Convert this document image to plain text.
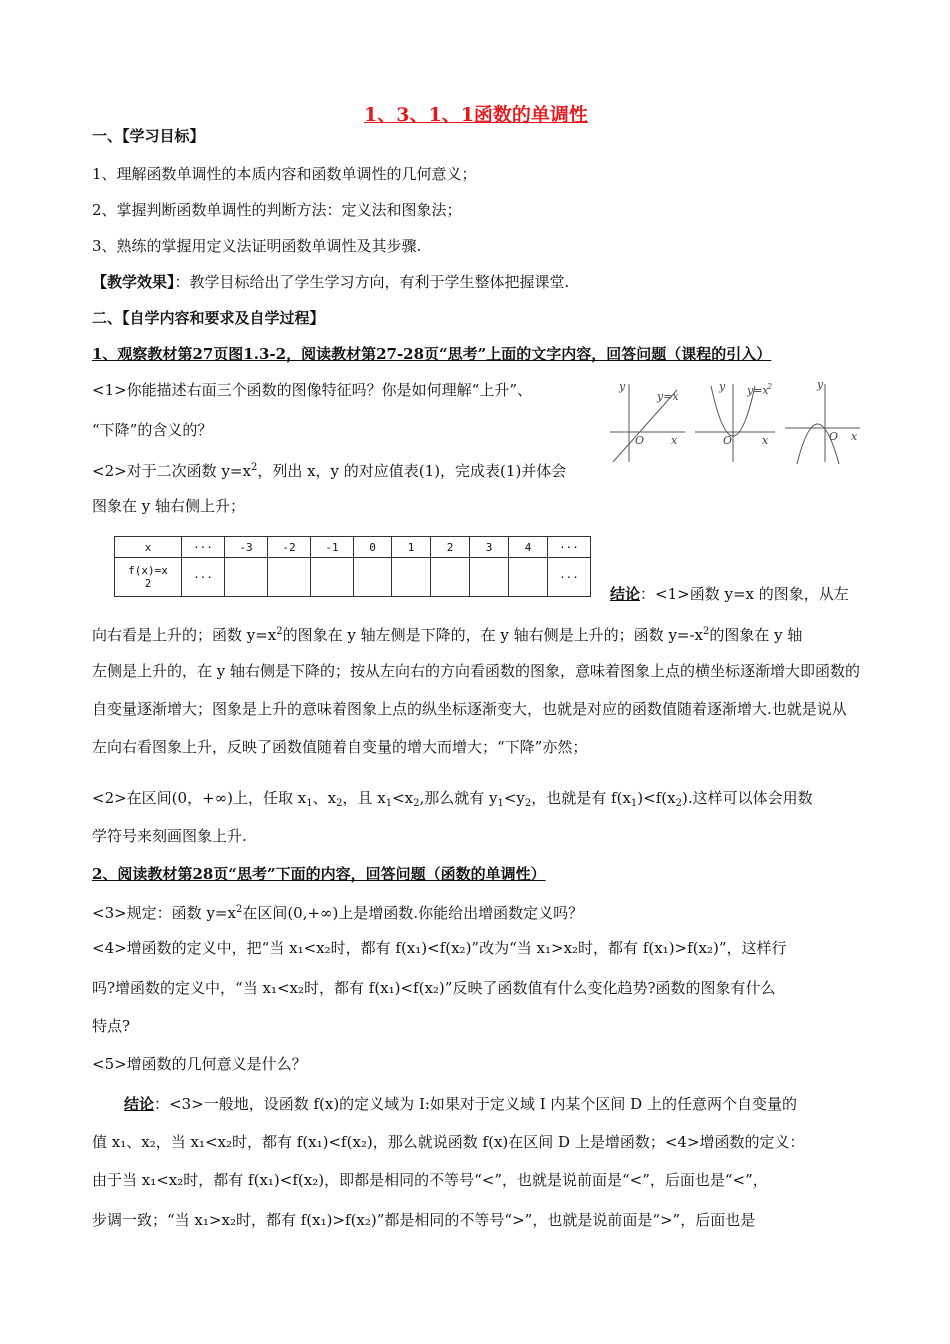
1、3、1、1函数的单调性
一、【学习目标】
1、理解函数单调性的本质内容和函数单调性的几何意义；
2、掌握判断函数单调性的判断方法：定义法和图象法；
3、熟练的掌握用定义法证明函数单调性及其步骤.
【教学效果】：教学目标给出了学生学习方向，有利于学生整体把握课堂.
二、【自学内容和要求及自学过程】
1、观察教材第27页图1.3-2，阅读教材第27-28页“思考”上面的文字内容，回答问题（课程的引入）
<1>你能描述右面三个函数的图像特征吗？你是如何理解“上升”、
“下降”的含义的？
<2>对于二次函数 $y=x^2$，列出 x，y 的对应值表(1)，完成表(1)并体会
图象在 y 轴右侧上升；
y
y=x
O x
y y=x
2
O	x
y
O x
x	···	-3	-2	-1	0	1	2	3	4	···

f(x)=x
2	···									···
结论：<1>函数 y=x 的图象，从左
向右看是上升的；函数 $y=x^2$的图象在 y 轴左侧是下降的，在 y 轴右侧是上升的；函数 $y=-x^2$的图象在 y 轴
左侧是上升的，在 y 轴右侧是下降的；按从左向右的方向看函数的图象，意味着图象上点的横坐标逐渐增大即函数的自变量逐渐增大；图象是上升的意味着图象上点的纵坐标逐渐变大，也就是对应的函数值随着逐渐增大.也就是说从左向右看图象上升，反映了函数值随着自变量的增大而增大；“下降”亦然；
<2>在区间(0，+∞)上，任取 $x_1$、$x_2$，且 $x_1<x_2$,那么就有 $y_1<y_2$，也就是有 $f(x_1)<f(x_2)$.这样可以体会用数
学符号来刻画图象上升.
2、阅读教材第28页“思考”下面的内容，回答问题（函数的单调性）
<3>规定：函数 $y=x^2$在区间(0,+∞)上是增函数.你能给出增函数定义吗？
<4>增函数的定义中，把“当 x₁<x₂时，都有 f(x₁)<f(x₂)”改为“当 x₁>x₂时，都有 f(x₁)>f(x₂)”，这样行
吗?增函数的定义中，“当 x₁<x₂时，都有 f(x₁)<f(x₂)”反映了函数值有什么变化趋势?函数的图象有什么
特点?
<5>增函数的几何意义是什么？
结论：<3>一般地，设函数 f(x)的定义域为 I:如果对于定义域 I 内某个区间 D 上的任意两个自变量的
值 x₁、x₂，当 x₁<x₂时，都有 f(x₁)<f(x₂)，那么就说函数 f(x)在区间 D 上是增函数；<4>增函数的定义：
由于当 x₁<x₂时，都有 f(x₁)<f(x₂)，即都是相同的不等号“<”，也就是说前面是“<”，后面也是“<”，
步调一致；“当 x₁>x₂时，都有 f(x₁)>f(x₂)”都是相同的不等号“>”，也就是说前面是“>”，后面也是
